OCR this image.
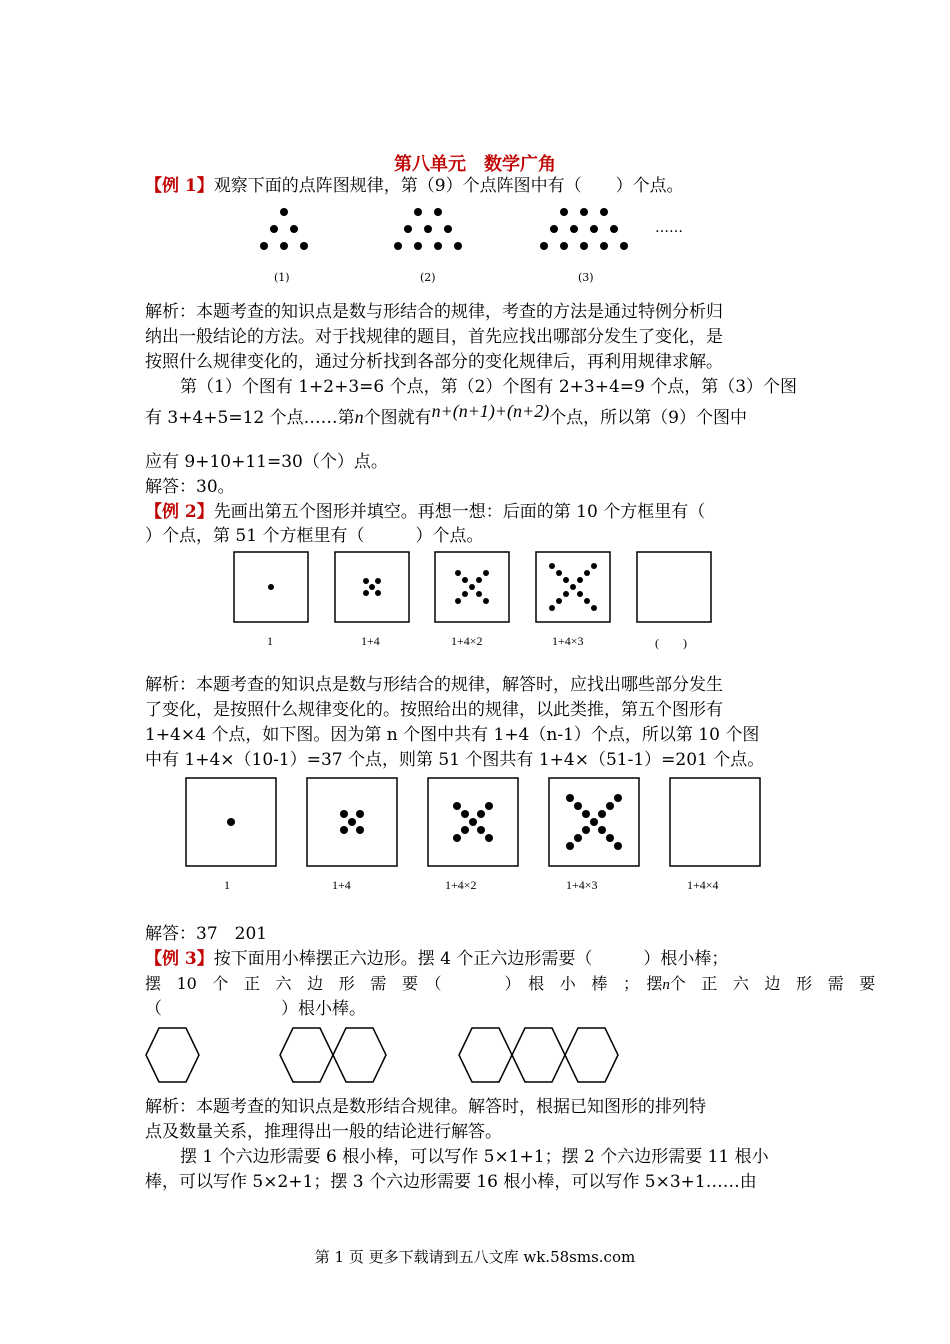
第八单元　数学广角
【例 1】观察下面的点阵图规律，第（9）个点阵图中有（　　）个点。
……
(1)	(2)	(3)
解析：本题考查的知识点是数与形结合的规律，考查的方法是通过特例分析归
纳出一般结论的方法。对于找规律的题目，首先应找出哪部分发生了变化，是
按照什么规律变化的，通过分析找到各部分的变化规律后，再利用规律求解。
第（1）个图有 1+2+3=6 个点，第（2）个图有 2+3+4=9 个点，第（3）个图
有 3+4+5=12 个点……第n个图就有n+(n+1)+(n+2)个点，所以第（9）个图中
应有 9+10+11=30（个）点。
解答：30。
【例 2】先画出第五个图形并填空。再想一想：后面的第 10 个方框里有（
）个点，第 51 个方框里有（　　　）个点。
1	1+4	1+4×2	1+4×3	(　　)
解析：本题考查的知识点是数与形结合的规律，解答时，应找出哪些部分发生
了变化，是按照什么规律变化的。按照给出的规律，以此类推，第五个图形有
1+4×4 个点，如下图。因为第 n 个图中共有 1+4（n-1）个点，所以第 10 个图
中有 1+4×（10-1）=37 个点，则第 51 个图共有 1+4×（51-1）=201 个点。
1	1+4	1+4×2	1+4×3	1+4×4
解答：37　201
【例 3】按下面用小棒摆正六边形。摆 4 个正六边形需要（　　　）根小棒；
摆　10　个　正　六　边　形　需　要　（　　　　）　根　小　棒　；　摆n个　正　六　边　形　需　要
（　　　　　　　）根小棒。
解析：本题考查的知识点是数形结合规律。解答时，根据已知图形的排列特
点及数量关系，推理得出一般的结论进行解答。
摆 1 个六边形需要 6 根小棒，可以写作 5×1+1；摆 2 个六边形需要 11 根小
棒，可以写作 5×2+1；摆 3 个六边形需要 16 根小棒，可以写作 5×3+1……由
第 1 页 更多下载请到五八文库 wk.58sms.com
